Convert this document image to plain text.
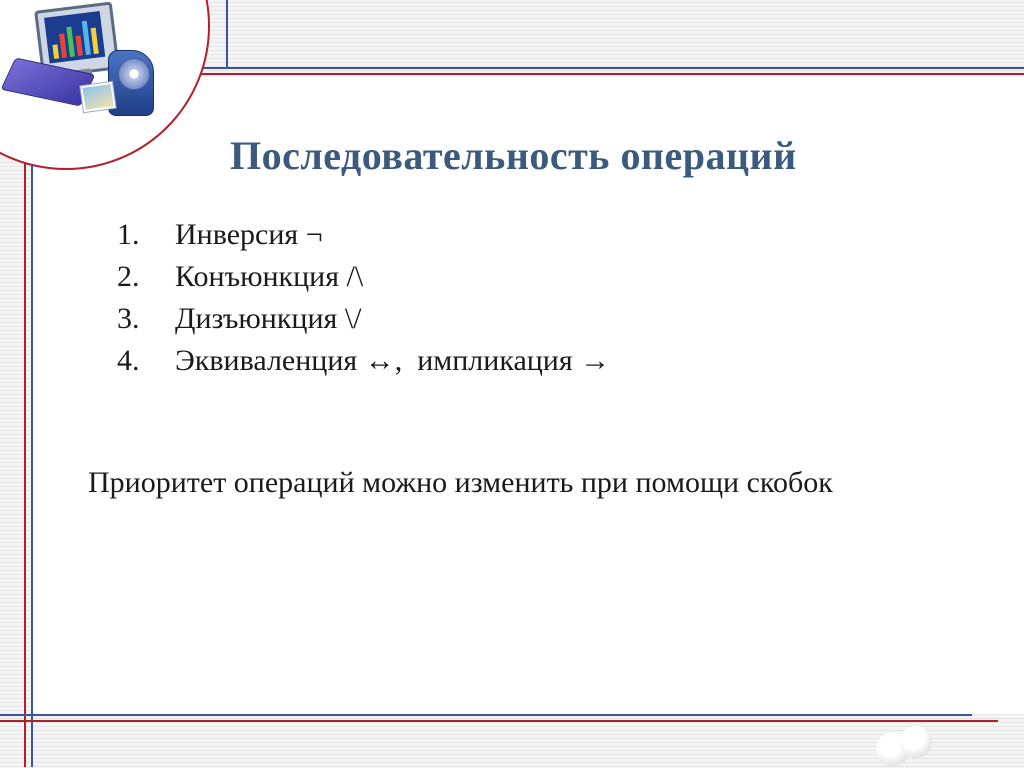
Последовательность операций
1.	Инверсия ¬
2.	Конъюнкция /\
3.	Дизъюнкция \/
4.	Эквиваленция ↔,  импликация →
Приоритет операций можно изменить при помощи скобок
